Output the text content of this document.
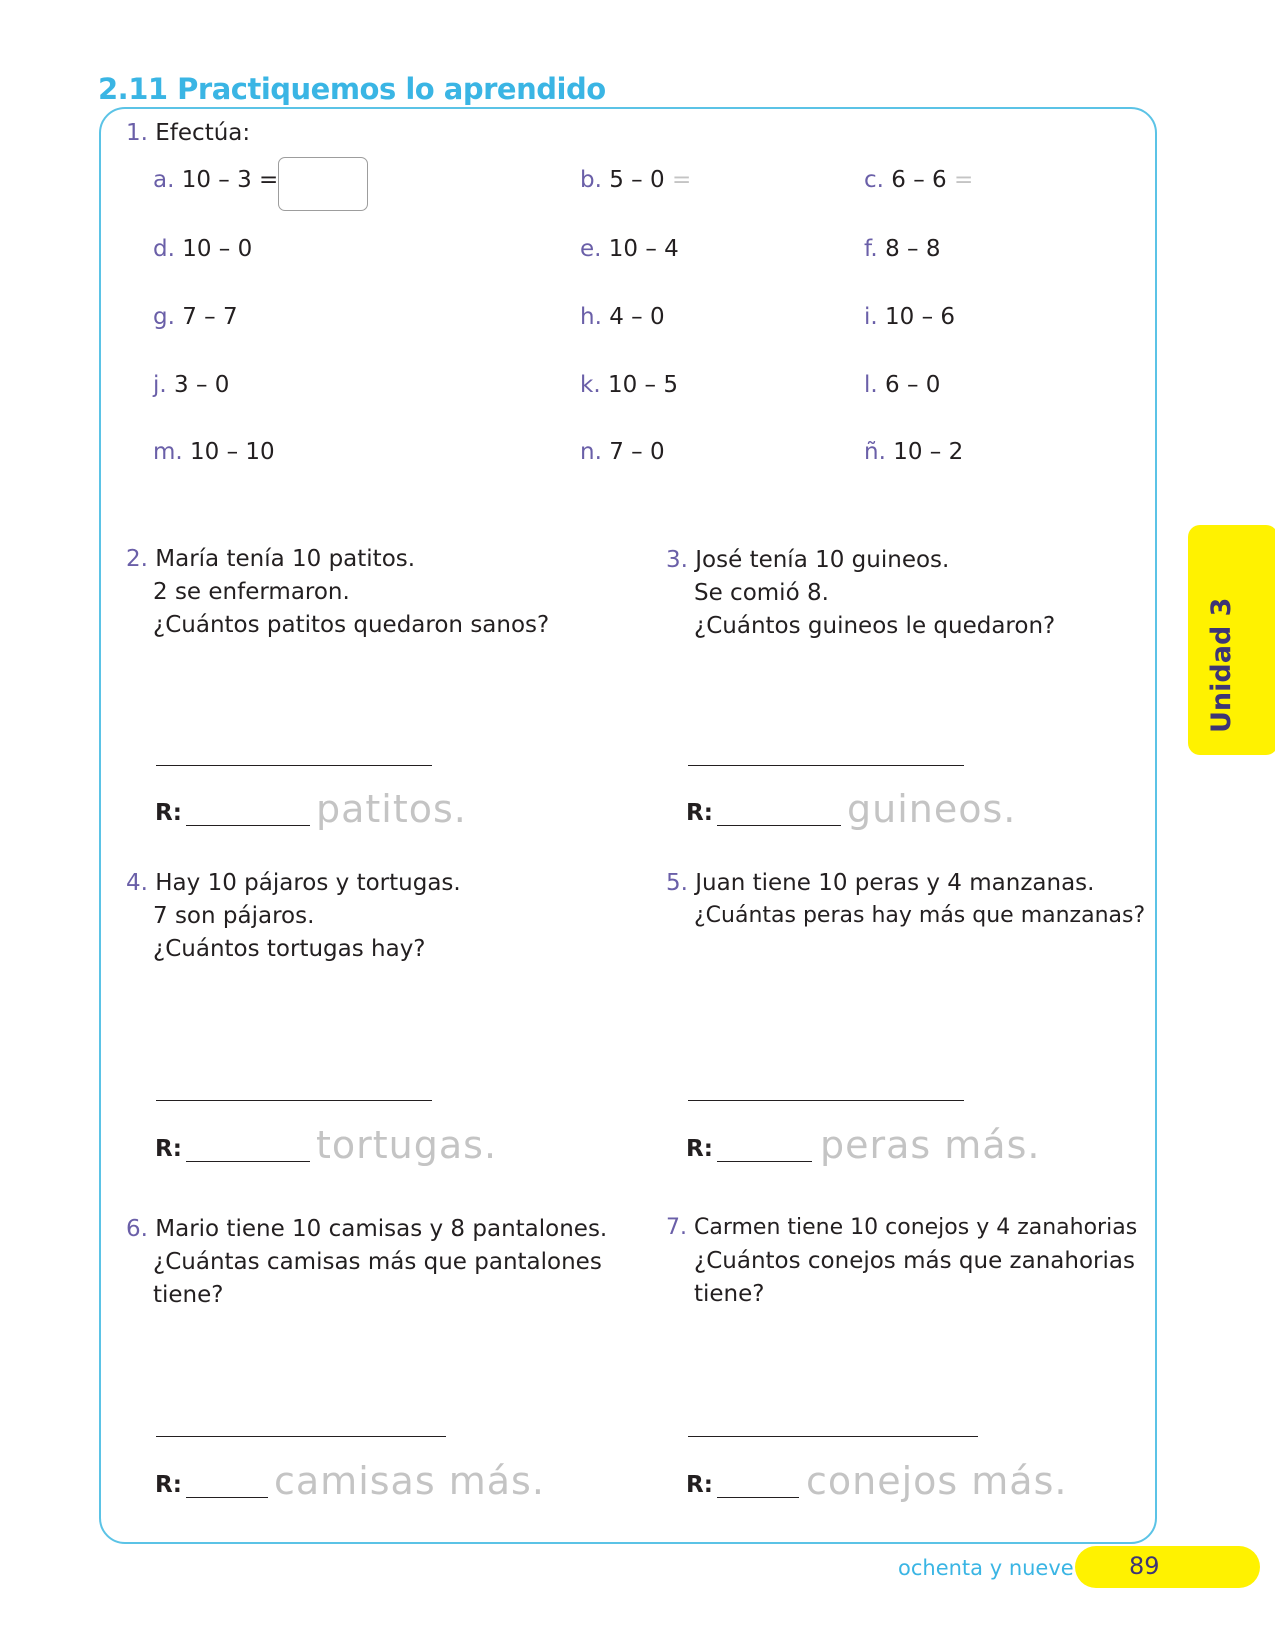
2.11 Practiquemos lo aprendido
1. Efectúa:
a. 10 – 3 =	b. 5 – 0 =	c. 6 – 6 =
d. 10 – 0	e. 10 – 4	f. 8 – 8
g. 7 – 7	h. 4 – 0	i. 10 – 6
j. 3 – 0	k. 10 – 5	l. 6 – 0
m. 10 – 10	n. 7 – 0	ñ. 10 – 2
2. María tenía 10 patitos.
2 se enfermaron.
¿Cuántos patitos quedaron sanos?
R:	patitos.
3. José tenía 10 guineos.
Se comió 8.
¿Cuántos guineos le quedaron?
R:	guineos.
4. Hay 10 pájaros y tortugas.
7 son pájaros.
¿Cuántos tortugas hay?
R:	tortugas.
5. Juan tiene 10 peras y 4 manzanas.
¿Cuántas peras hay más que manzanas?
R:	peras más.
6. Mario tiene 10 camisas y 8 pantalones.
¿Cuántas camisas más que pantalones
tiene?
R: camisas más.
7. Carmen tiene 10 conejos y 4 zanahorias
¿Cuántos conejos más que zanahorias
tiene?
R: conejos más.
Unidad 3
ochenta y nueve 89
